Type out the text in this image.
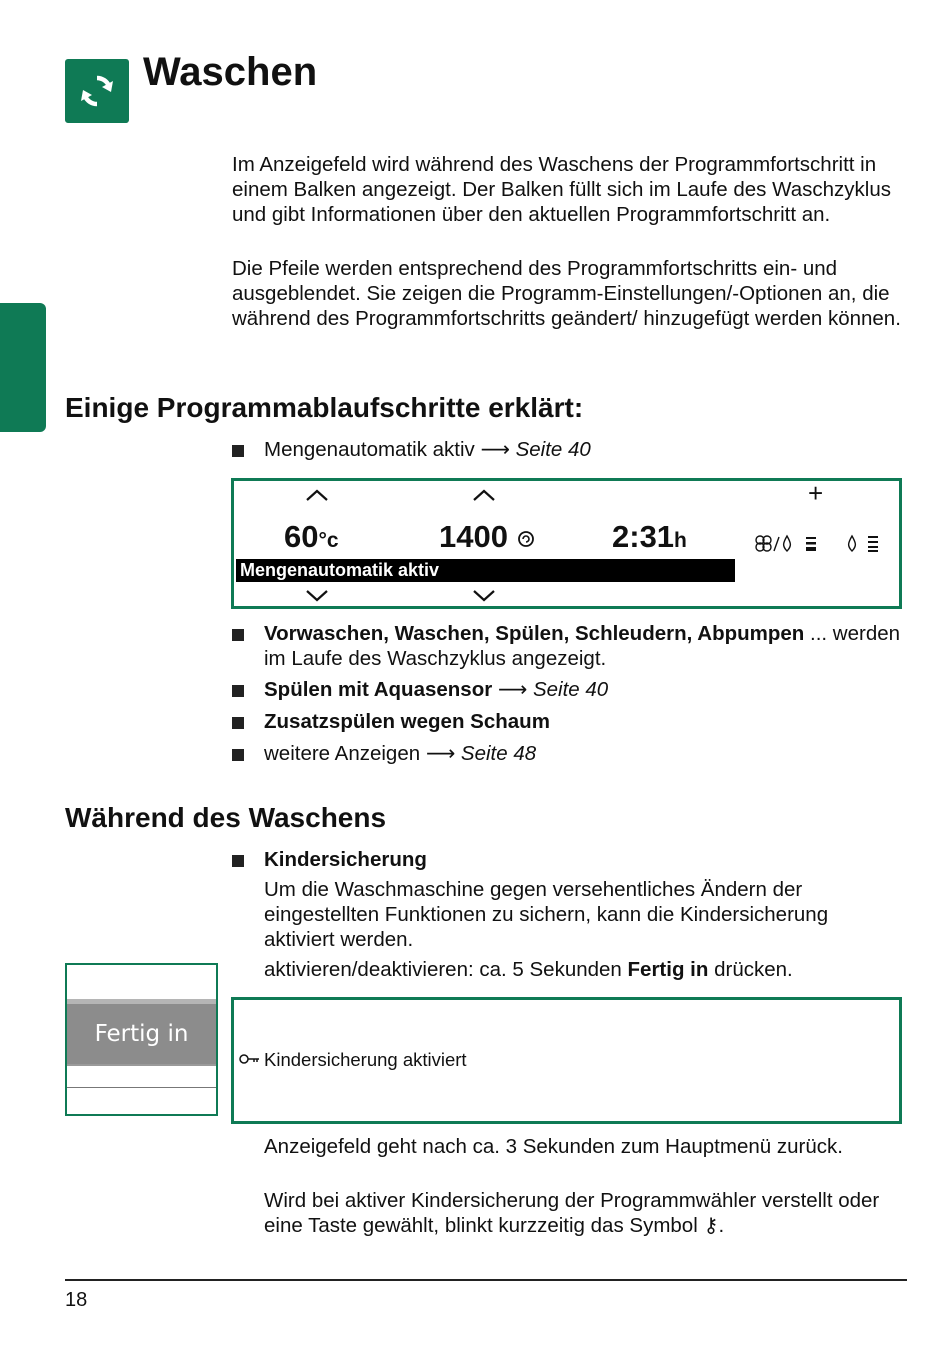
Waschen

Im Anzeigefeld wird während des Waschens der Programmfortschritt in einem Balken angezeigt. Der Balken füllt sich im Laufe des Waschzyklus und gibt Informationen über den aktuellen Programmfortschritt an.

Die Pfeile werden entsprechend des Programmfortschritts ein- und ausgeblendet. Sie zeigen die Programm-Einstellungen/-Optionen an, die während des Programmfortschritts geändert/ hinzugefügt werden können.

Einige Programmablaufschritte erklärt:
Mengenautomatik aktiv ⟶ Seite 40
+
60°c	1400	2:31h
Mengenautomatik aktiv
Vorwaschen, Waschen, Spülen, Schleudern, Abpumpen ... werden im Laufe des Waschzyklus angezeigt.
Spülen mit Aquasensor ⟶ Seite 40
Zusatzspülen wegen Schaum
weitere Anzeigen ⟶ Seite 48
Während des Waschens
Kindersicherung

Um die Waschmaschine gegen versehentliches Ändern der eingestellten Funktionen zu sichern, kann die Kindersicherung aktiviert werden.

aktivieren/deaktivieren: ca. 5 Sekunden Fertig in drücken.

Fertig in
Kindersicherung aktiviert

Anzeigefeld geht nach ca. 3 Sekunden zum Hauptmenü zurück.

Wird bei aktiver Kindersicherung der Programmwähler verstellt oder eine Taste gewählt, blinkt kurzzeitig das Symbol ⚷.

18
